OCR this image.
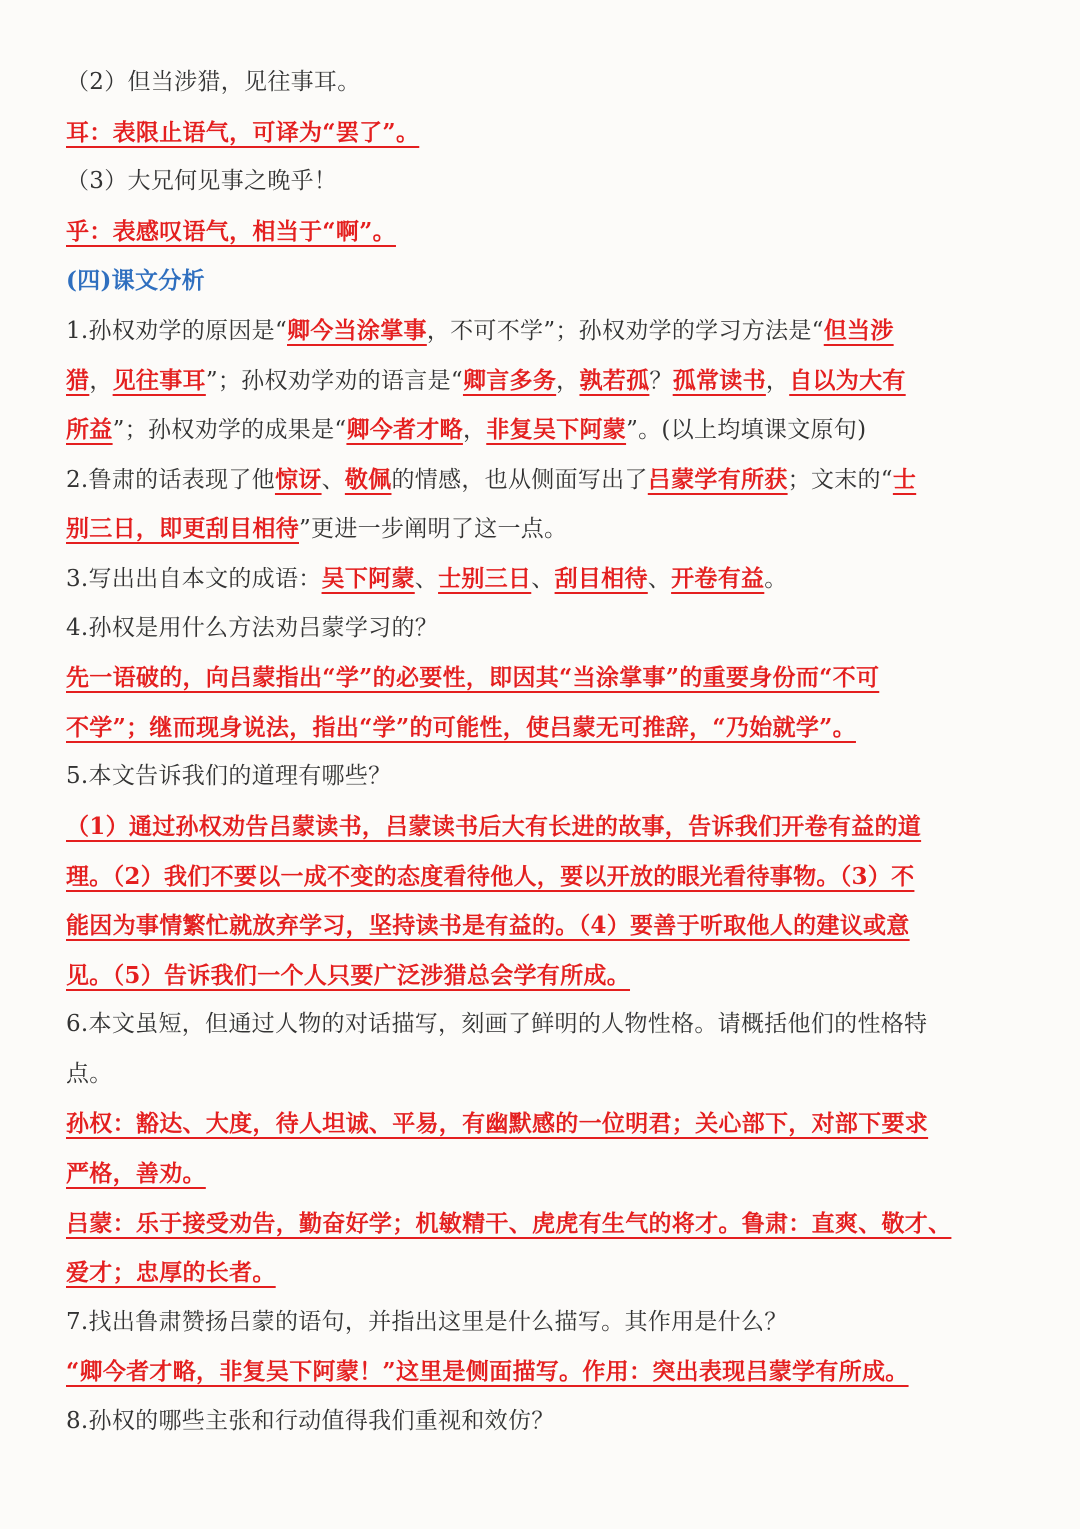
（2）但当涉猎，见往事耳。
耳：表限止语气，可译为“罢了”。
（3）大兄何见事之晚乎！
乎：表感叹语气，相当于“啊”。
(四)课文分析
1.孙权劝学的原因是“卿今当涂掌事，不可不学”；孙权劝学的学习方法是“但当涉
猎，见往事耳”；孙权劝学劝的语言是“卿言多务，孰若孤？孤常读书，自以为大有
所益”；孙权劝学的成果是“卿今者才略，非复吴下阿蒙”。(以上均填课文原句)
2.鲁肃的话表现了他惊讶、敬佩的情感，也从侧面写出了吕蒙学有所获；文末的“士
别三日，即更刮目相待”更进一步阐明了这一点。
3.写出出自本文的成语：吴下阿蒙、士别三日、刮目相待、开卷有益。
4.孙权是用什么方法劝吕蒙学习的？
先一语破的，向吕蒙指出“学”的必要性，即因其“当涂掌事”的重要身份而“不可
不学”；继而现身说法，指出“学”的可能性，使吕蒙无可推辞，“乃始就学”。
5.本文告诉我们的道理有哪些？
（1）通过孙权劝告吕蒙读书，吕蒙读书后大有长进的故事，告诉我们开卷有益的道
理。（2）我们不要以一成不变的态度看待他人，要以开放的眼光看待事物。（3）不
能因为事情繁忙就放弃学习，坚持读书是有益的。（4）要善于听取他人的建议或意
见。（5）告诉我们一个人只要广泛涉猎总会学有所成。
6.本文虽短，但通过人物的对话描写，刻画了鲜明的人物性格。请概括他们的性格特
点。
孙权：豁达、大度，待人坦诚、平易，有幽默感的一位明君；关心部下，对部下要求
严格，善劝。
吕蒙：乐于接受劝告，勤奋好学；机敏精干、虎虎有生气的将才。鲁肃：直爽、敬才、
爱才；忠厚的长者。
7.找出鲁肃赞扬吕蒙的语句，并指出这里是什么描写。其作用是什么？
“卿今者才略，非复吴下阿蒙！”这里是侧面描写。作用：突出表现吕蒙学有所成。
8.孙权的哪些主张和行动值得我们重视和效仿？
